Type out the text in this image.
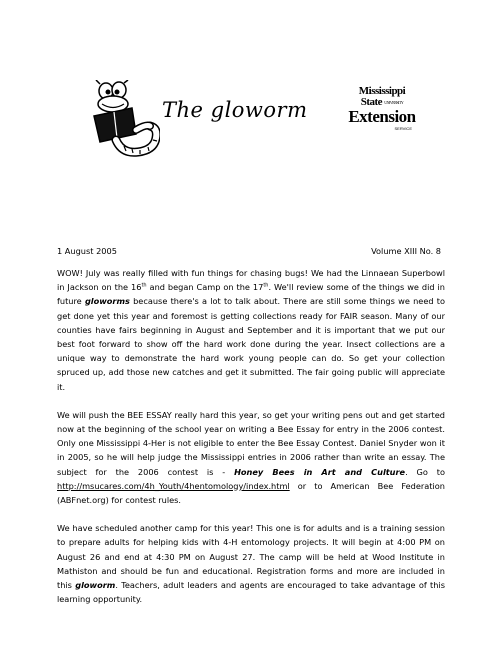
The gloworm
Mississippi State $^{UNIVERSITY}$
Extension
SERVICE
1 August 2005	Volume XIII No. 8

WOW! July was really filled with fun things for chasing bugs! We had the Linnaean Superbowl in Jackson on the 16th and began Camp on the 17th. We'll review some of the things we did in future gloworms because there's a lot to talk about. There are still some things we need to get done yet this year and foremost is getting collections ready for FAIR season. Many of our counties have fairs beginning in August and September and it is important that we put our best foot forward to show off the hard work done during the year. Insect collections are a unique way to demonstrate the hard work young people can do. So get your collection spruced up, add those new catches and get it submitted. The fair going public will appreciate it.

We will push the BEE ESSAY really hard this year, so get your writing pens out and get started now at the beginning of the school year on writing a Bee Essay for entry in the 2006 contest. Only one Mississippi 4-Her is not eligible to enter the Bee Essay Contest. Daniel Snyder won it in 2005, so he will help judge the Mississippi entries in 2006 rather than write an essay. The subject for the 2006 contest is - Honey Bees in Art and Culture. Go to http://msucares.com/4h_Youth/4hentomology/index.html or to American Bee Federation (ABFnet.org) for contest rules.

We have scheduled another camp for this year! This one is for adults and is a training session to prepare adults for helping kids with 4-H entomology projects. It will begin at 4:00 PM on August 26 and end at 4:30 PM on August 27. The camp will be held at Wood Institute in Mathiston and should be fun and educational. Registration forms and more are included in this gloworm. Teachers, adult leaders and agents are encouraged to take advantage of this learning opportunity.
